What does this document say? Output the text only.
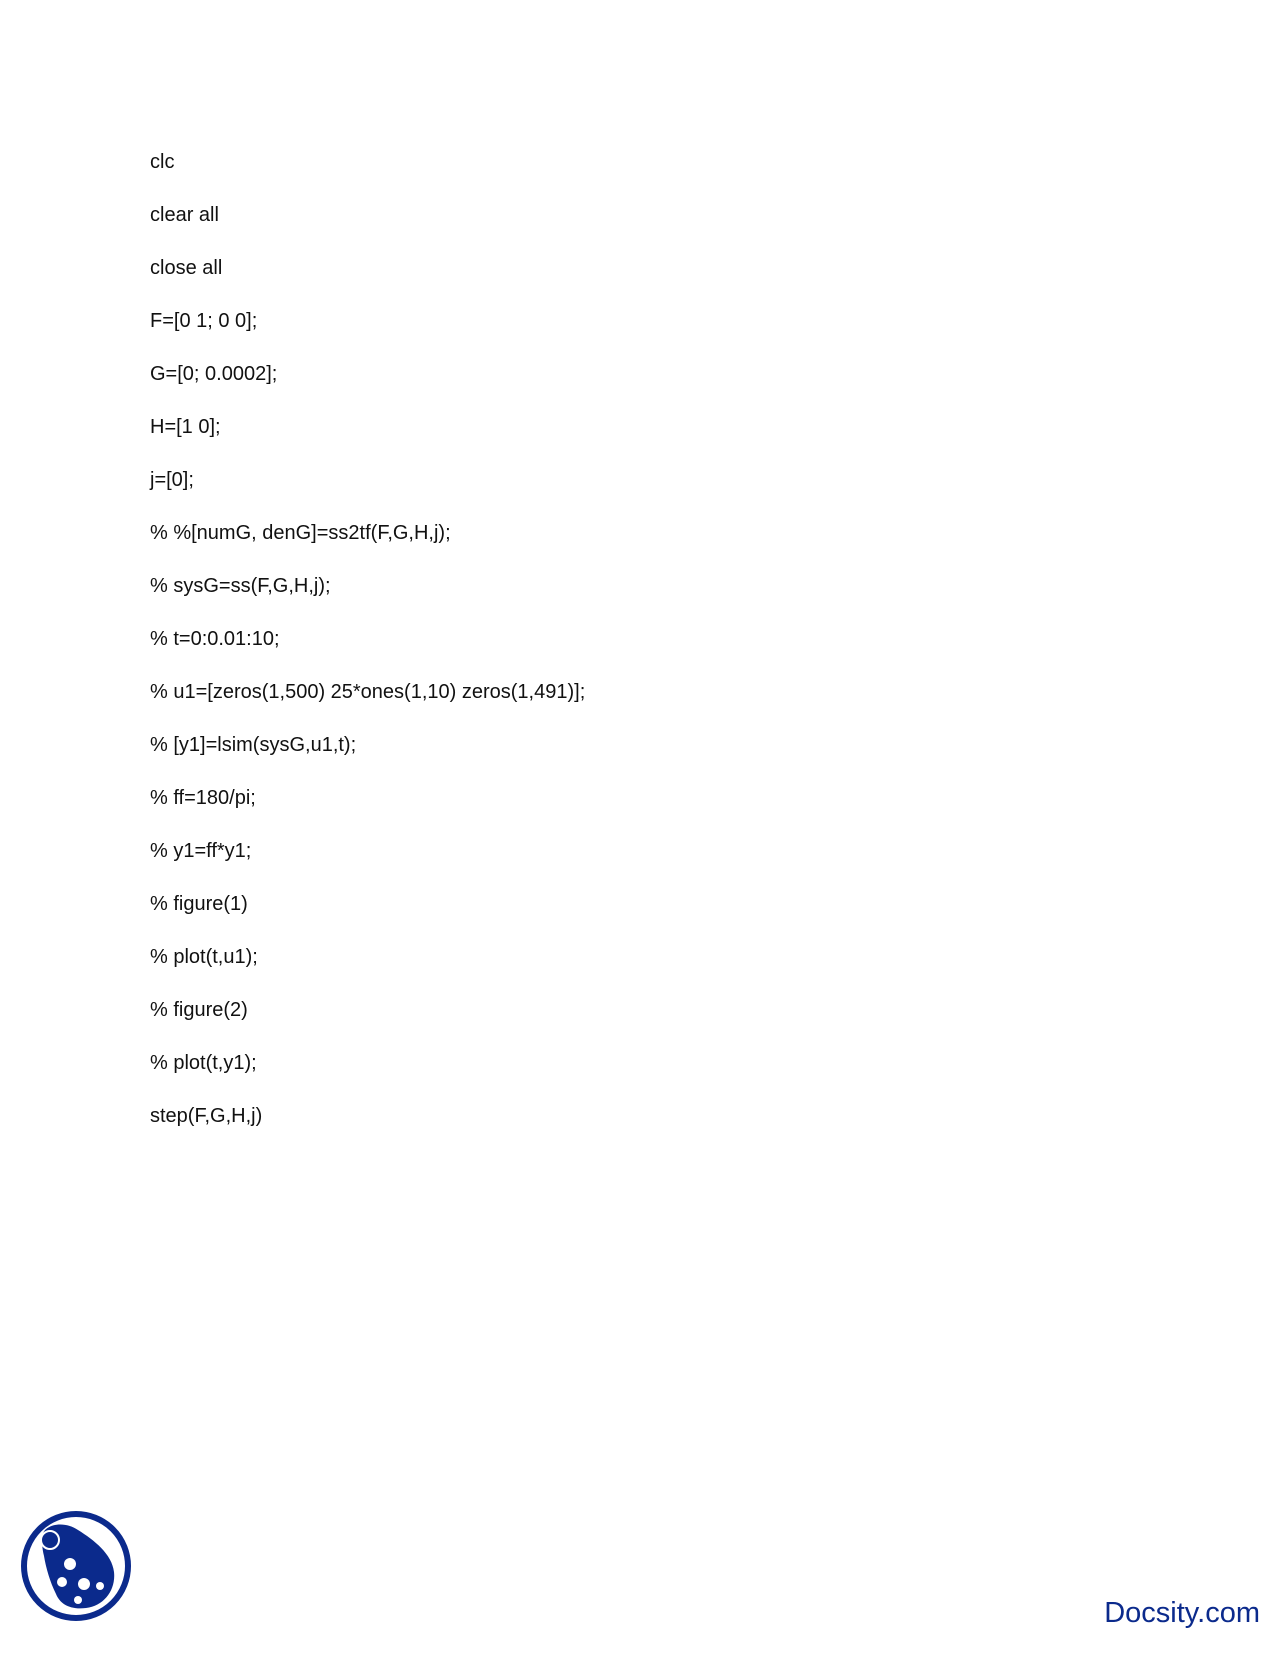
clc
clear all
close all
F=[0 1; 0 0];
G=[0; 0.0002];
H=[1 0];
j=[0];
% %[numG, denG]=ss2tf(F,G,H,j);
% sysG=ss(F,G,H,j);
% t=0:0.01:10;
% u1=[zeros(1,500) 25*ones(1,10) zeros(1,491)];
% [y1]=lsim(sysG,u1,t);
% ff=180/pi;
% y1=ff*y1;
% figure(1)
% plot(t,u1);
% figure(2)
% plot(t,y1);
step(F,G,H,j)
Docsity.com
